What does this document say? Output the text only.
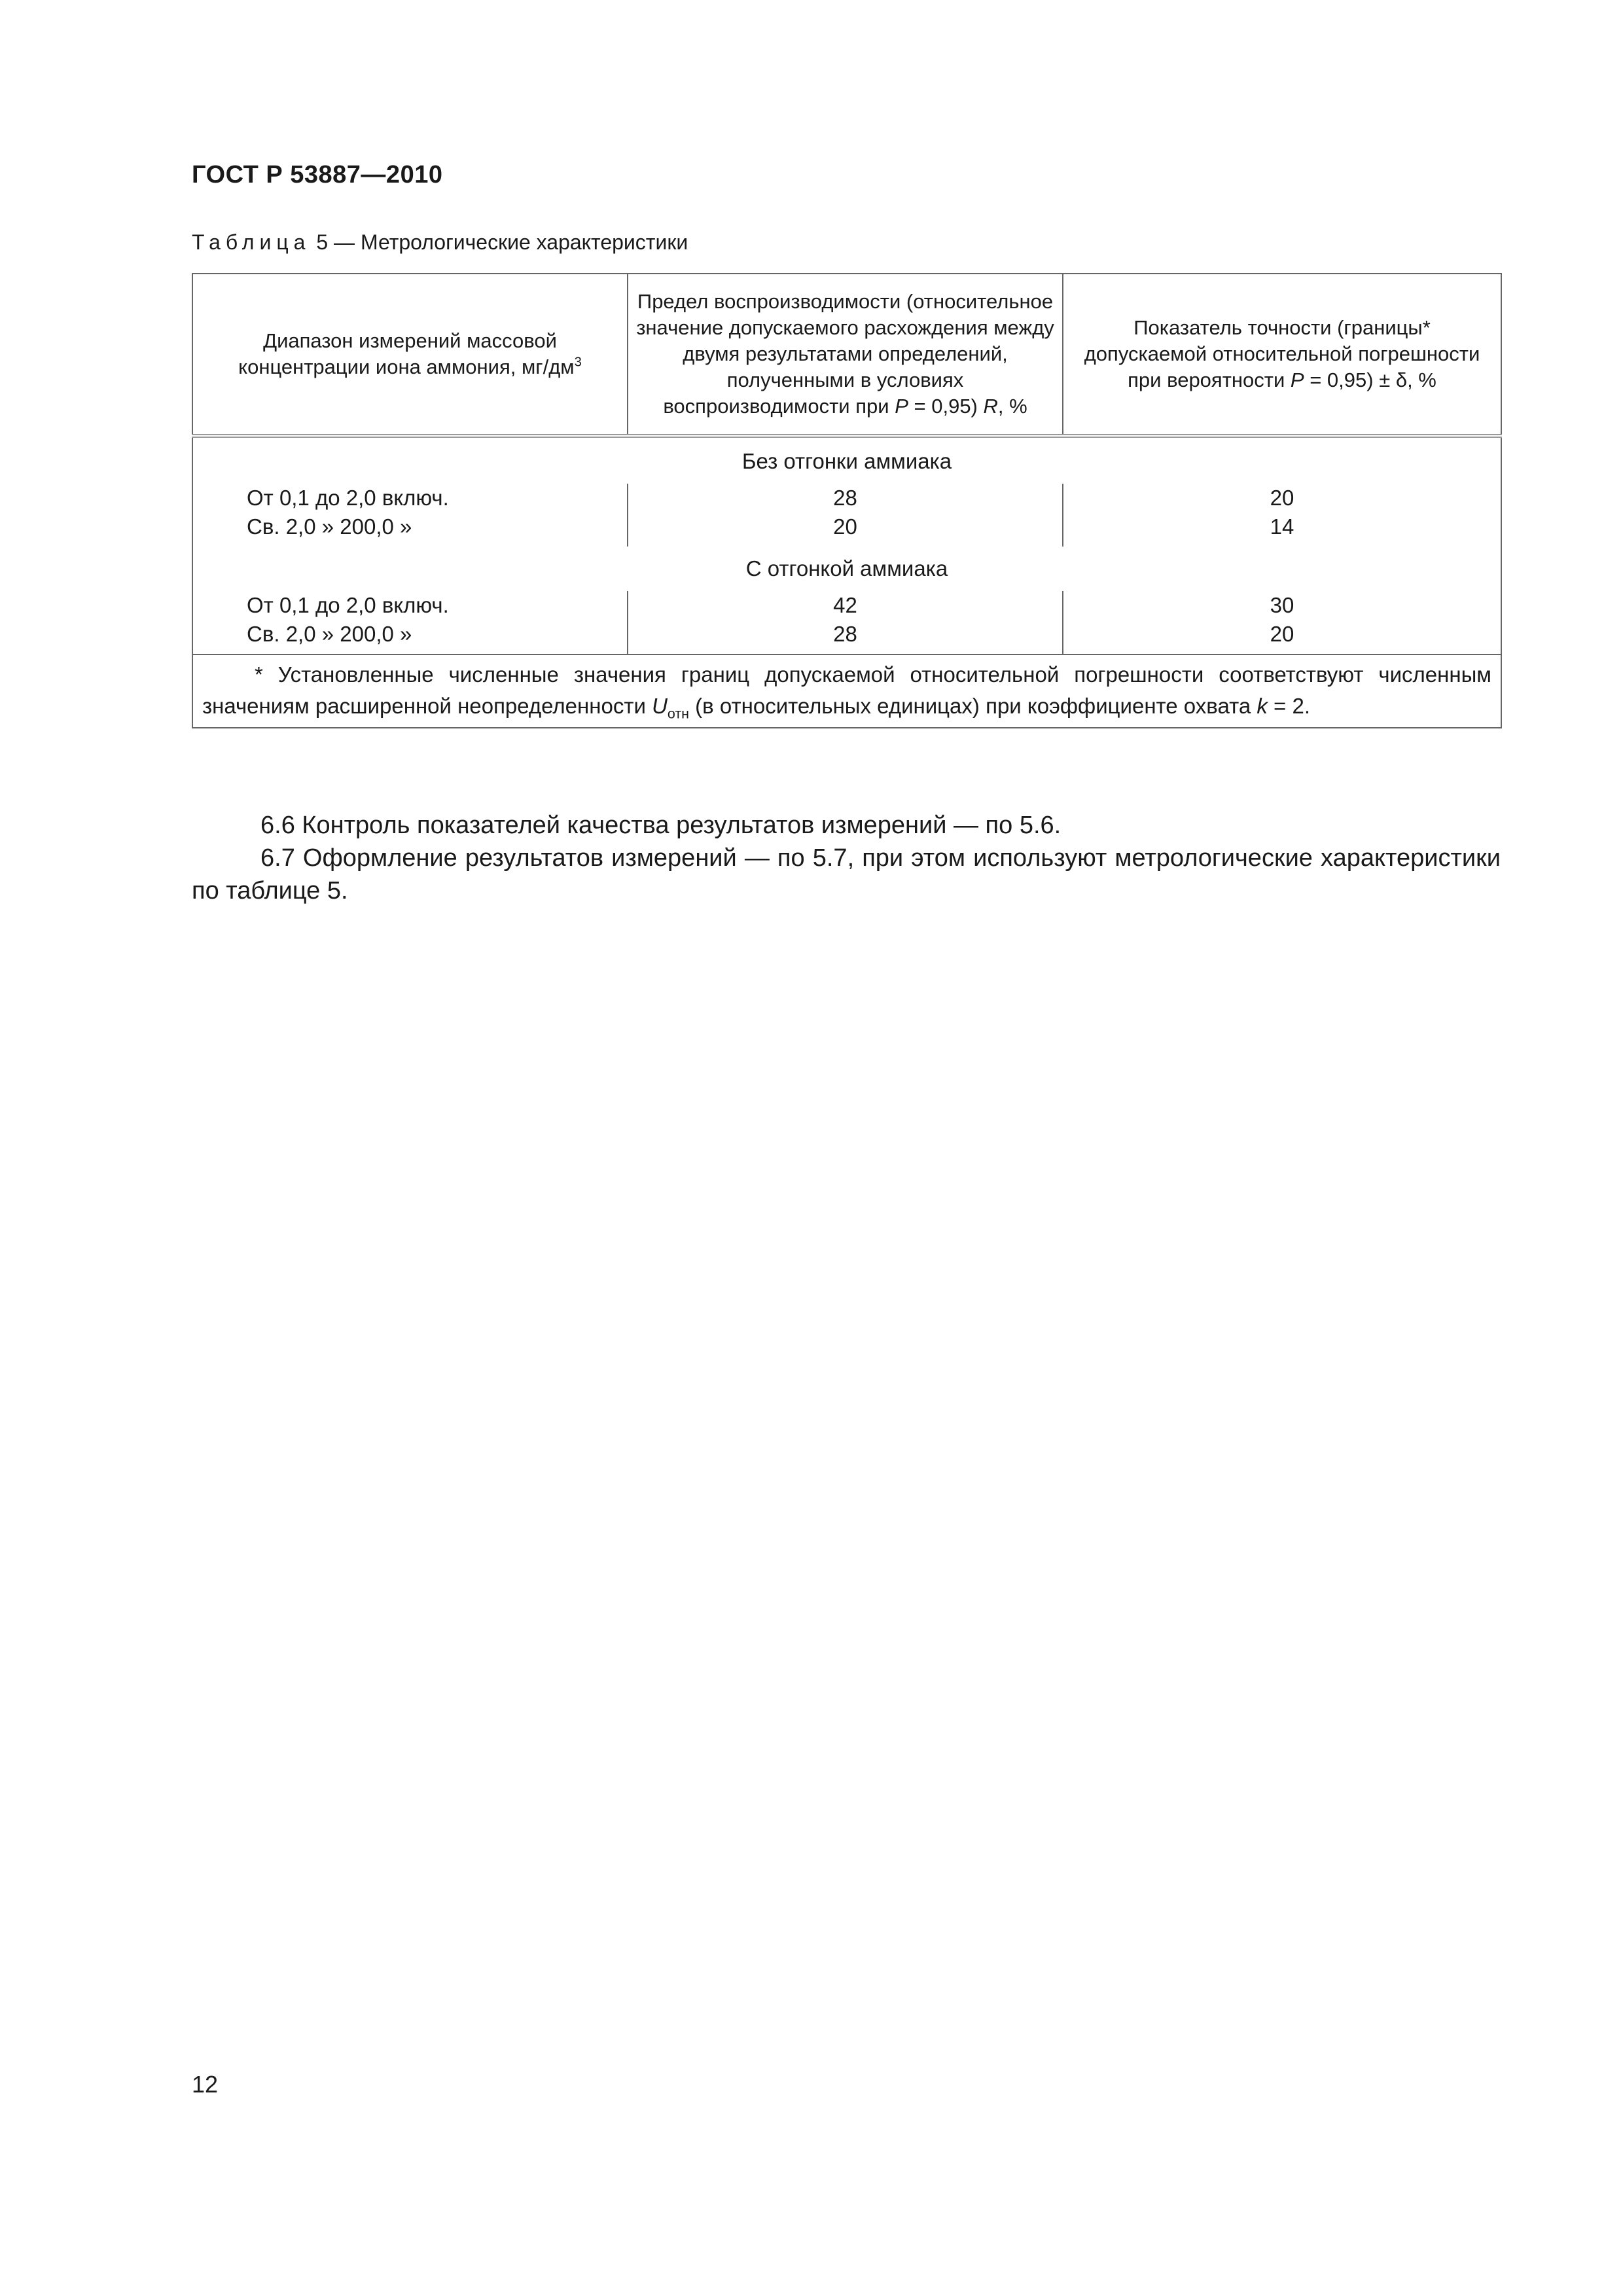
ГОСТ Р 53887—2010
Таблица 5 — Метрологические характеристики
Диапазон измерений массовой концентрации иона аммония, $мг/дм^3$	Предел воспроизводимости (относительное значение допускаемого расхождения между двумя результатами определений, полученными в условиях воспроизводимости при P = 0,95) R, %	Показатель точности (границы* допускаемой относительной погрешности при вероятности P = 0,95) ± δ, %
Без отгонки аммиака		
От 0,1 до 2,0 включ.	28	20
Св. 2,0 » 200,0 »	20	14
С отгонкой аммиака		
От 0,1 до 2,0 включ.	42	30
Св. 2,0 » 200,0 »	28	20

* Установленные численные значения границ допускаемой относительной погрешности соответствуют численным значениям расширенной неопределенности $U_{отн}$ (в относительных единицах) при коэффициенте охвата k = 2.		
6.6 Контроль показателей качества результатов измерений — по 5.6.
6.7 Оформление результатов измерений — по 5.7, при этом используют метрологические характеристики по таблице 5.
12
